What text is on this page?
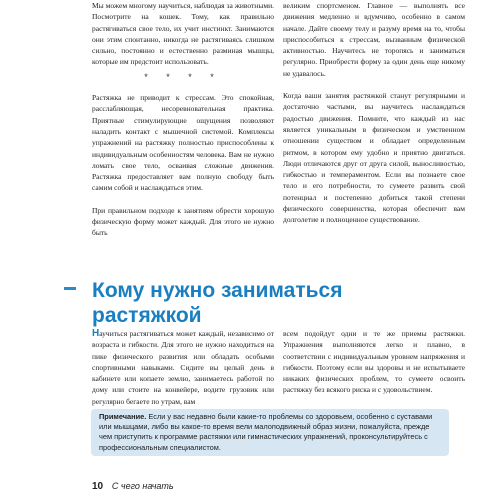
Мы можем многому научиться, наблюдая за животными. Посмотрите на кошек. Тому, как правильно растягиваться свое тело, их учит инстинкт. Занимаются они этим спонтанно, никогда не растягиваясь слишком сильно, постоянно и естественно разминая мышцы, которые им предстоит использовать.

* * * *

Растяжка не приводит к стрессам. Это спокойная, расслабляющая, несоревновательная практика. Приятные стимулирующие ощущения позволяют наладить контакт с мышечной системой. Комплексы упражнений на растяжку полностью приспособлены к индивидуальным особенностям человека. Вам не нужно ломать свое тело, осваивая сложные движения. Растяжка предоставляет вам полную свободу быть самим собой и наслаждаться этим.

При правильном подходе к занятиям обрести хорошую физическую форму может каждый. Для этого не нужно быть

великим спортсменом. Главное — выполнять все движения медленно и вдумчиво, особенно в самом начале. Дайте своему телу и разуму время на то, чтобы приспособиться к стрессам, вызванным физической активностью. Научитесь не торопясь и заниматься регулярно. Приобрести форму за один день еще никому не удавалось.

Когда ваши занятия растяжкой станут регулярными и достаточно частыми, вы научитесь наслаждаться радостью движения. Помните, что каждый из нас является уникальным в физическом и умственном отношении существом и обладает определенным ритмом, в котором ему удобно и приятно двигаться. Люди отличаются друг от друга силой, выносливостью, гибкостью и темпераментом. Если вы познаете свое тело и его потребности, то сумеете развить свой потенциал и постепенно добиться такой степени физического совершенства, которая обеспечит вам долголетие и полноценное существование.

Кому нужно заниматься растяжкой

Научиться растягиваться может каждый, независимо от возраста и гибкости. Для этого не нужно находиться на пике физического развития или обладать особыми спортивными навыками. Сидите вы целый день в кабинете или копаете землю, занимаетесь работой по дому или стоите на конвейере, водите грузовик или регулярно бегаете по утрам, вам

всем подойдут одни и те же приемы растяжки. Упражнения выполняются легко и плавно, в соответствии с индивидуальным уровнем напряжения и гибкости. Поэтому если вы здоровы и не испытываете никаких физических проблем, то сумеете освоить растяжку без всякого риска и с удовольствием.

Примечание. Если у вас недавно были какие-то проблемы со здоровьем, особенно с суставами или мышцами, либо вы какое-то время вели малоподвижный образ жизни, пожалуйста, прежде чем приступить к программе растяжки или гимнастических упражнений, проконсультируйтесь с профессиональным специалистом.
10 С чего начать
